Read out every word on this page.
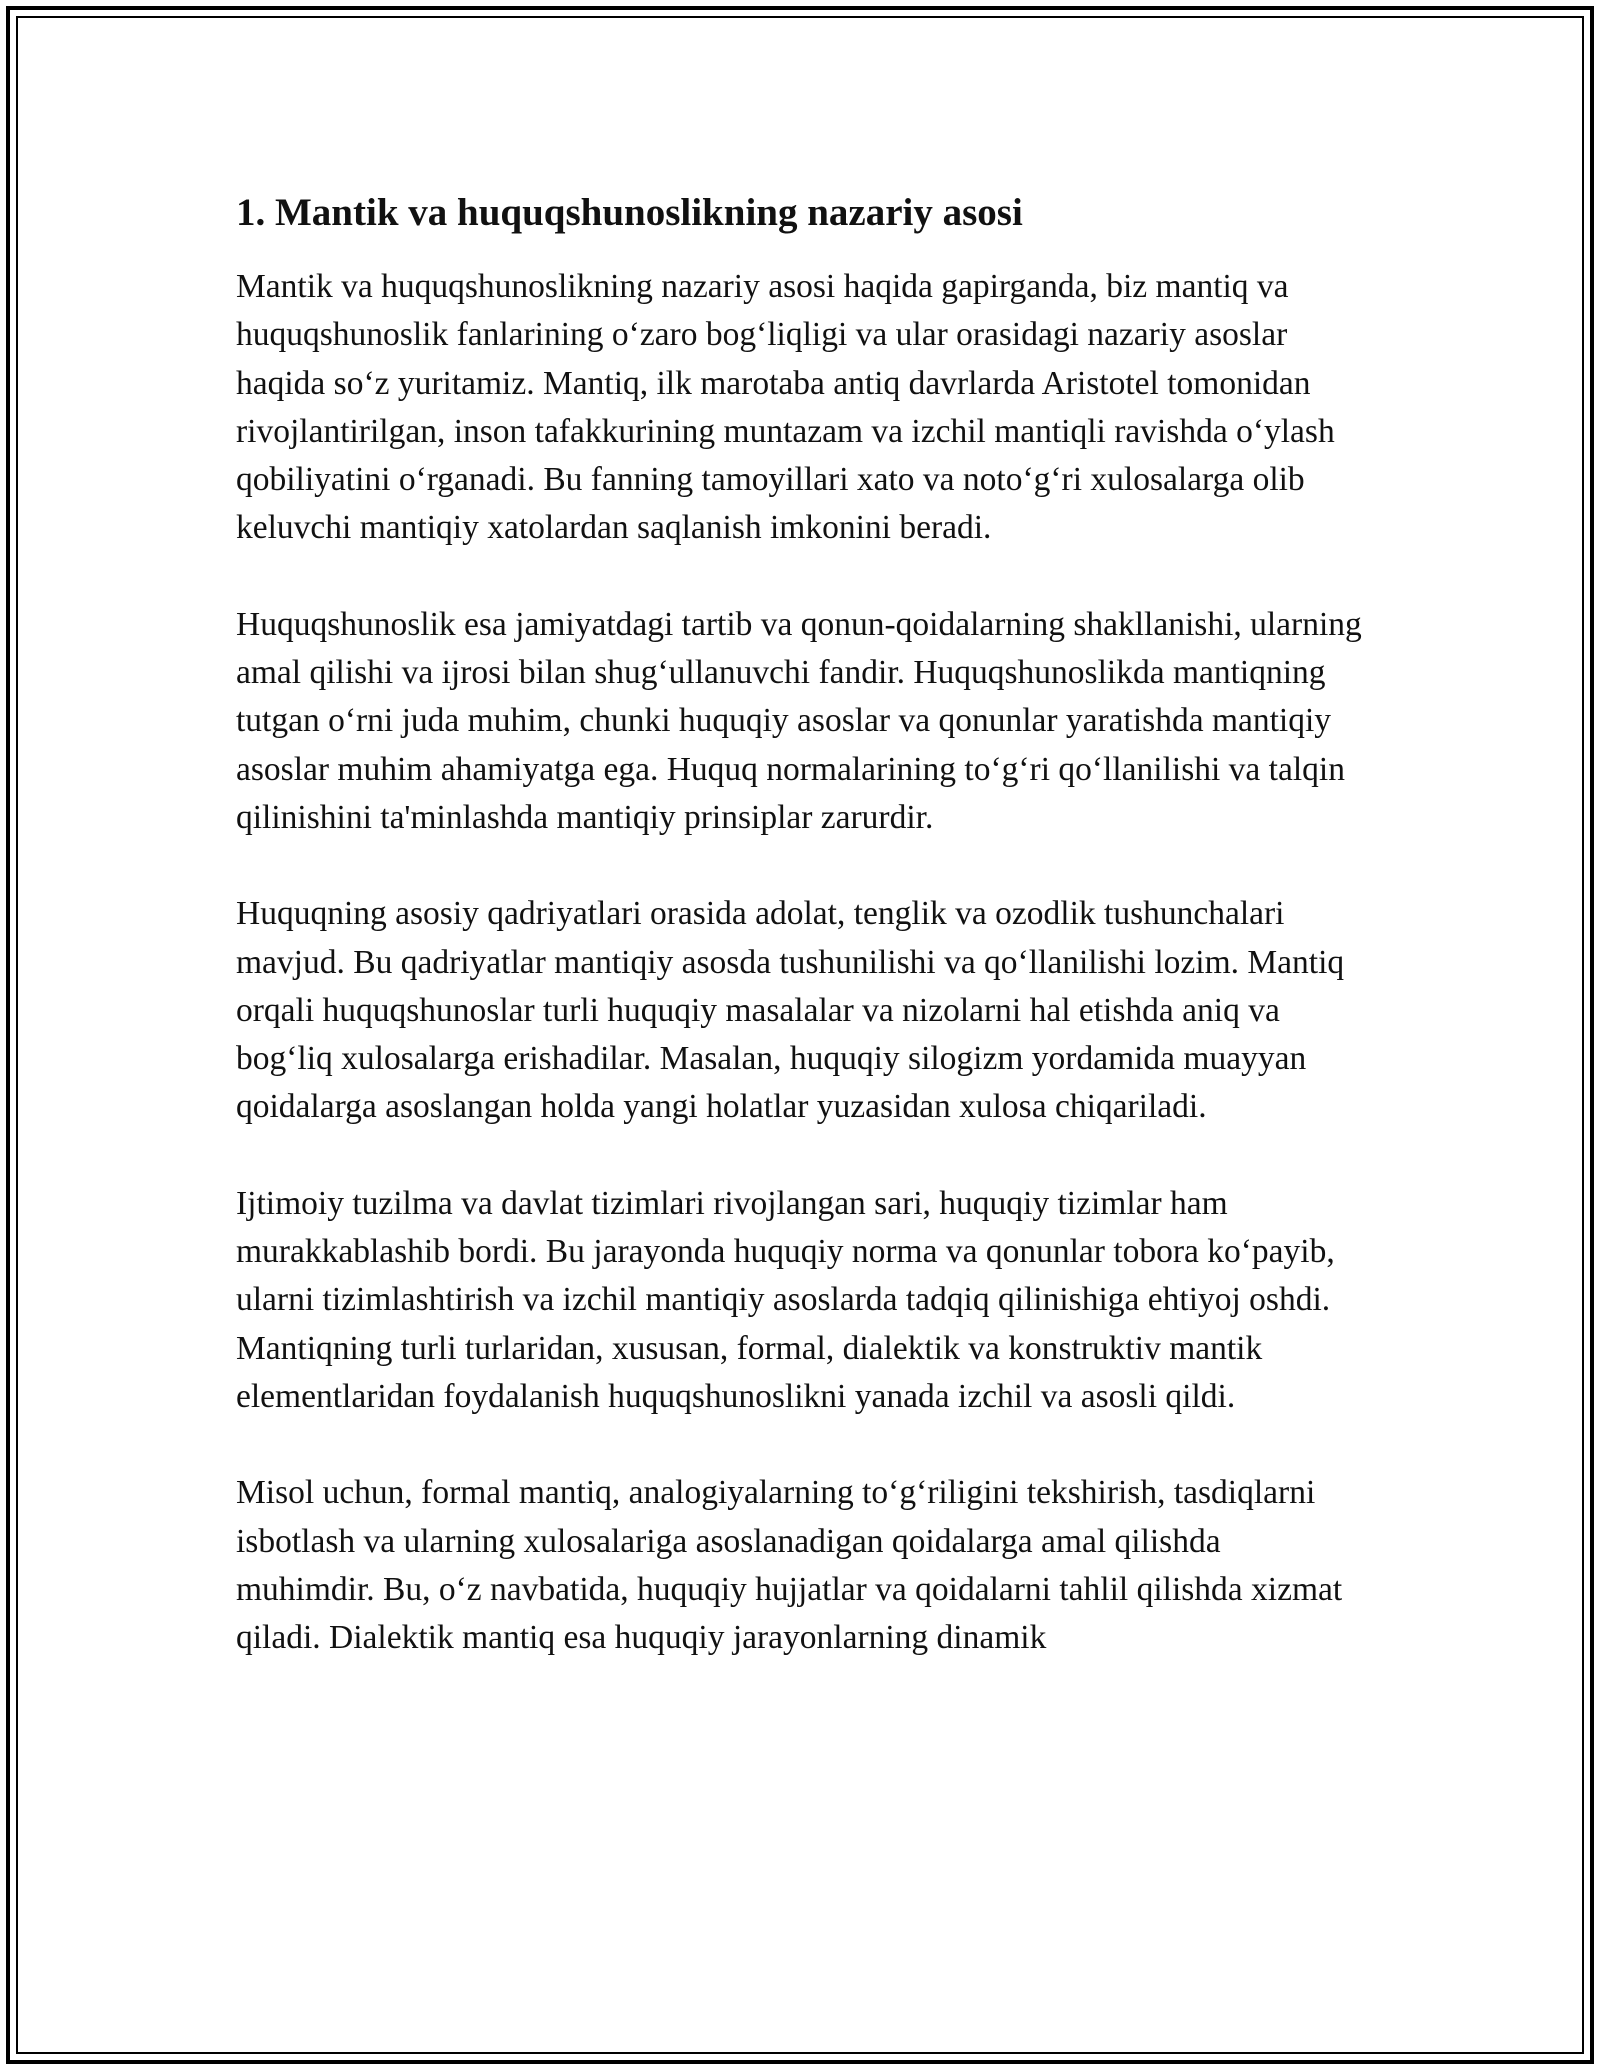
1. Mantik va huquqshunoslikning nazariy asosi

Mantik va huquqshunoslikning nazariy asosi haqida gapirganda, biz mantiq va huquqshunoslik fanlarining o‘zaro bog‘liqligi va ular orasidagi nazariy asoslar haqida so‘z yuritamiz. Mantiq, ilk marotaba antiq davrlarda Aristotel tomonidan rivojlantirilgan, inson tafakkurining muntazam va izchil mantiqli ravishda o‘ylash qobiliyatini o‘rganadi. Bu fanning tamoyillari xato va noto‘g‘ri xulosalarga olib keluvchi mantiqiy xatolardan saqlanish imkonini beradi.

Huquqshunoslik esa jamiyatdagi tartib va qonun-qoidalarning shakllanishi, ularning amal qilishi va ijrosi bilan shug‘ullanuvchi fandir. Huquqshunoslikda mantiqning tutgan o‘rni juda muhim, chunki huquqiy asoslar va qonunlar yaratishda mantiqiy asoslar muhim ahamiyatga ega. Huquq normalarining to‘g‘ri qo‘llanilishi va talqin qilinishini ta'minlashda mantiqiy prinsiplar zarurdir.

Huquqning asosiy qadriyatlari orasida adolat, tenglik va ozodlik tushunchalari mavjud. Bu qadriyatlar mantiqiy asosda tushunilishi va qo‘llanilishi lozim. Mantiq orqali huquqshunoslar turli huquqiy masalalar va nizolarni hal etishda aniq va bog‘liq xulosalarga erishadilar. Masalan, huquqiy silogizm yordamida muayyan qoidalarga asoslangan holda yangi holatlar yuzasidan xulosa chiqariladi.

Ijtimoiy tuzilma va davlat tizimlari rivojlangan sari, huquqiy tizimlar ham murakkablashib bordi. Bu jarayonda huquqiy norma va qonunlar tobora ko‘payib, ularni tizimlashtirish va izchil mantiqiy asoslarda tadqiq qilinishiga ehtiyoj oshdi. Mantiqning turli turlaridan, xususan, formal, dialektik va konstruktiv mantik elementlaridan foydalanish huquqshunoslikni yanada izchil va asosli qildi.

Misol uchun, formal mantiq, analogiyalarning to‘g‘riligini tekshirish, tasdiqlarni isbotlash va ularning xulosalariga asoslanadigan qoidalarga amal qilishda muhimdir. Bu, o‘z navbatida, huquqiy hujjatlar va qoidalarni tahlil qilishda xizmat qiladi. Dialektik mantiq esa huquqiy jarayonlarning dinamik
